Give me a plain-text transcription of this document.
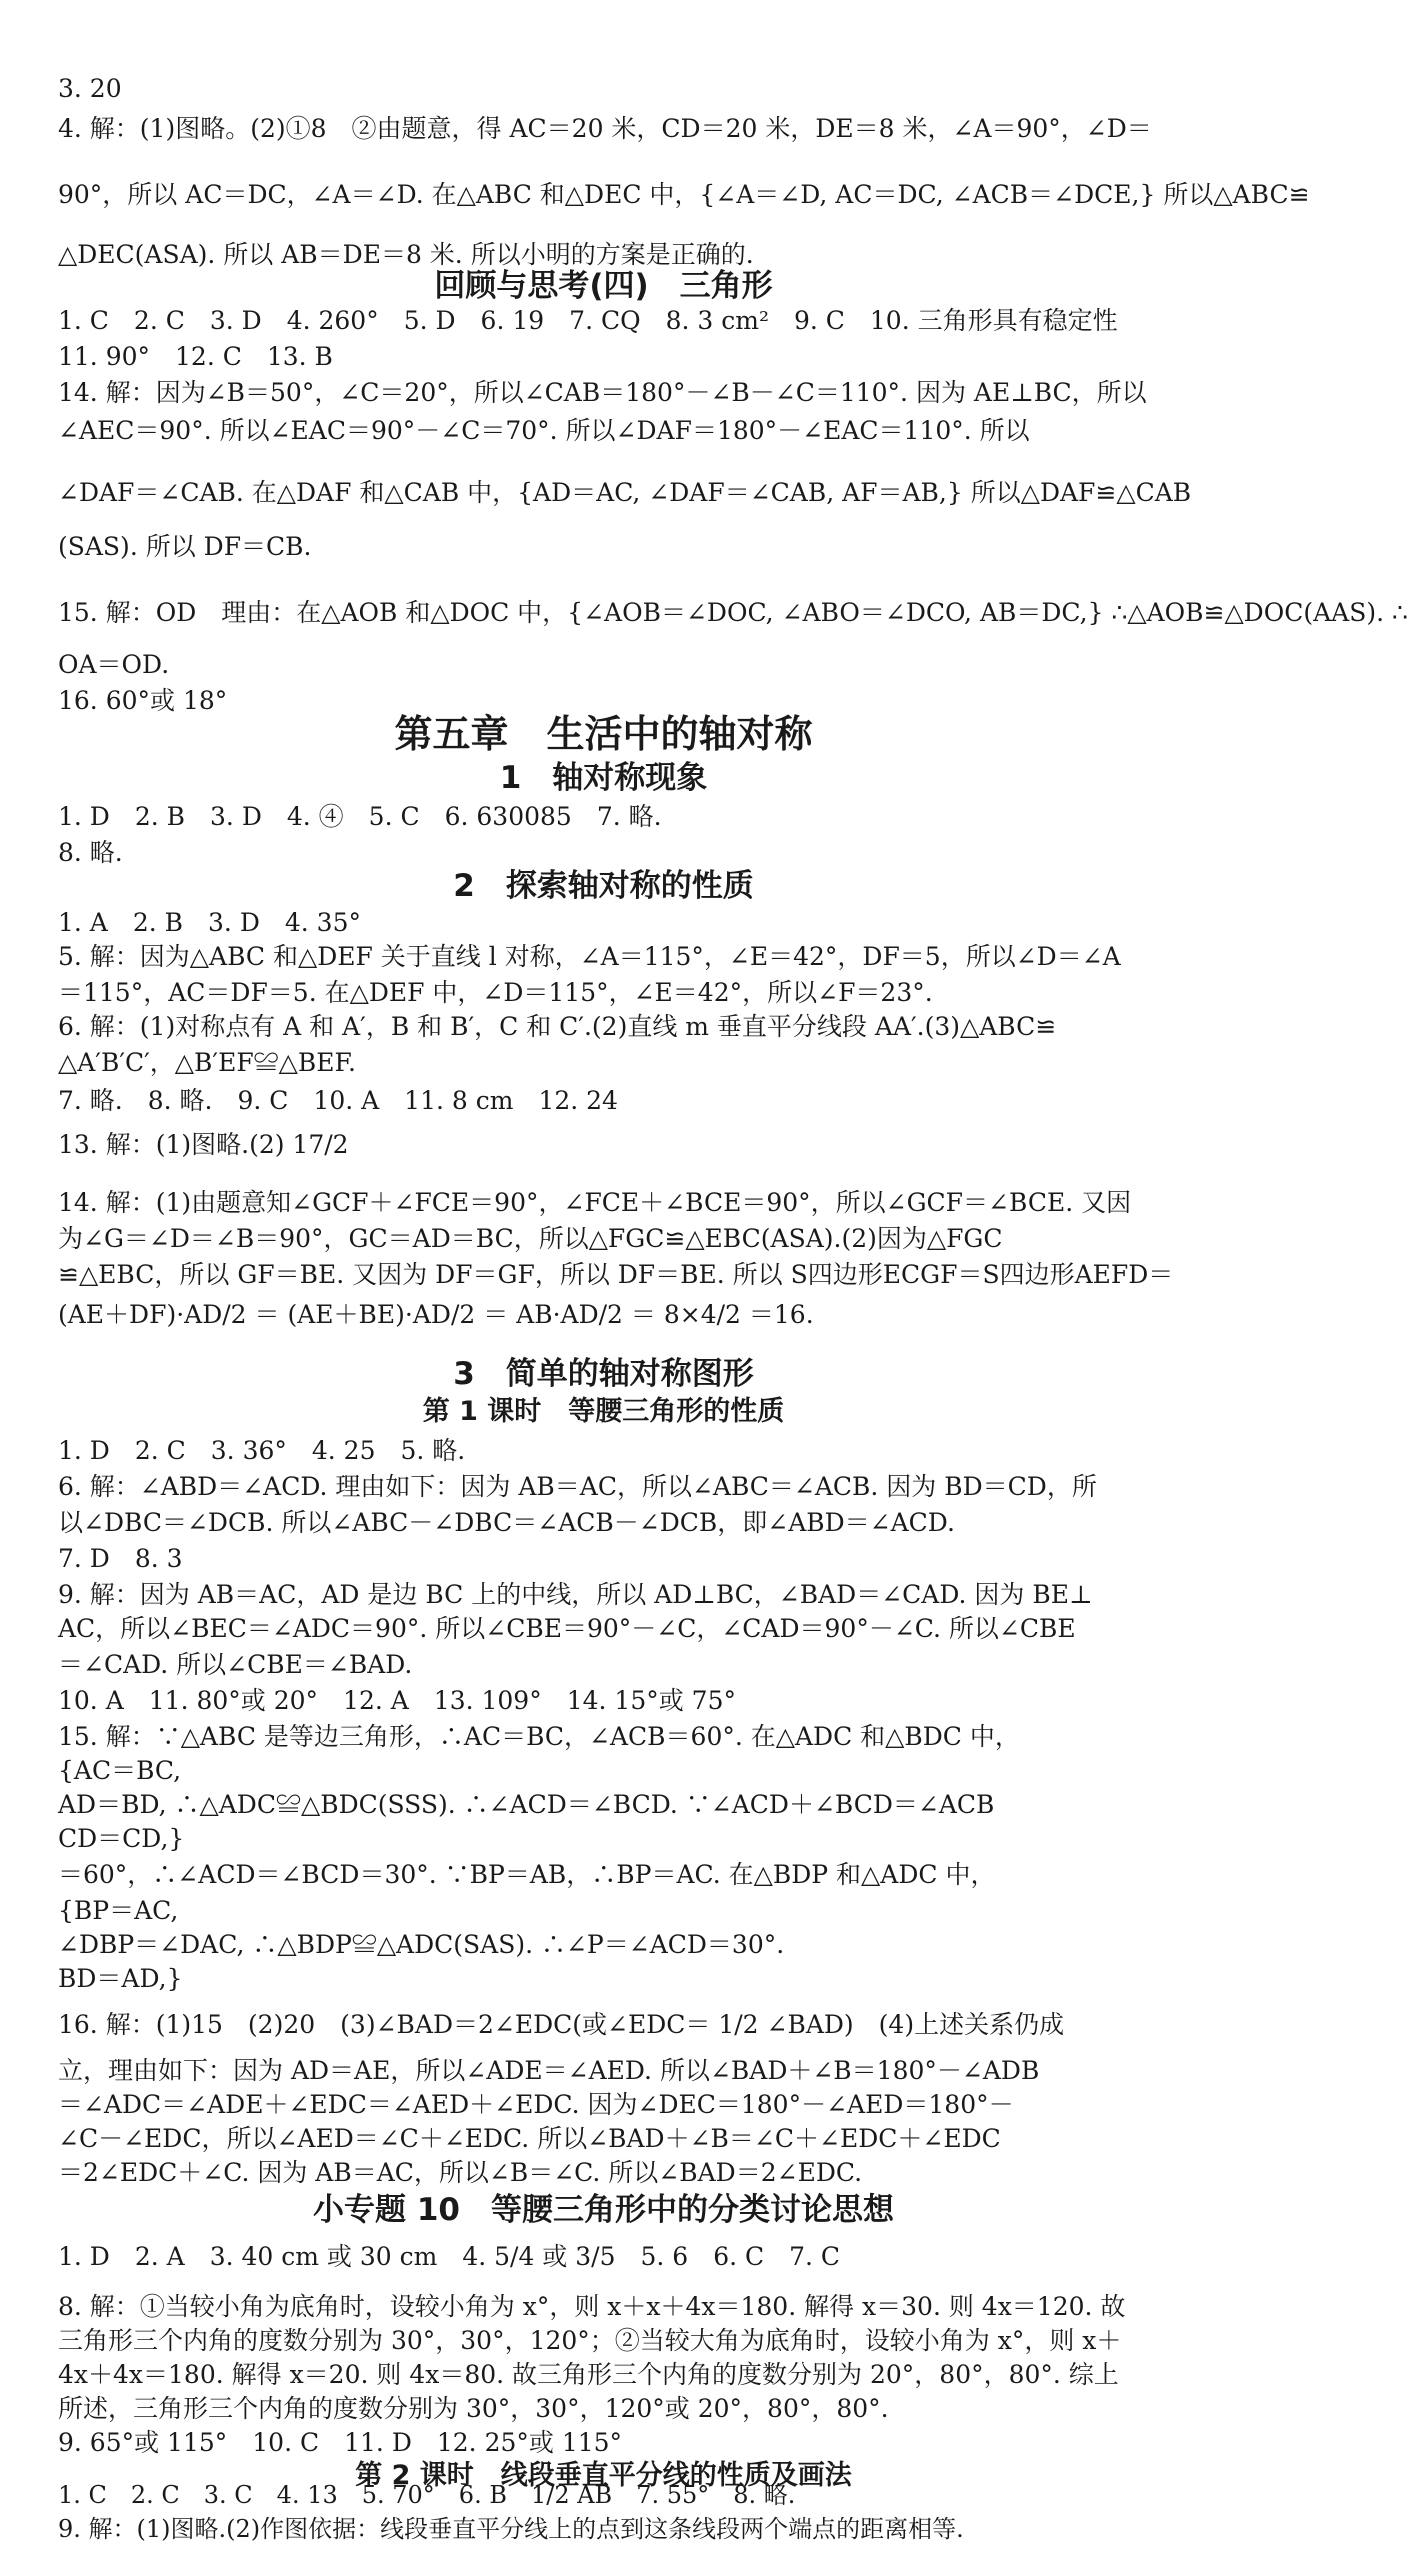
3. 20
4. 解：(1)图略。(2)①8　②由题意，得 AC＝20 米，CD＝20 米，DE＝8 米，∠A＝90°，∠D＝
90°，所以 AC＝DC，∠A＝∠D. 在△ABC 和△DEC 中，{∠A＝∠D, AC＝DC, ∠ACB＝∠DCE,} 所以△ABC≌
△DEC(ASA). 所以 AB＝DE＝8 米. 所以小明的方案是正确的.
回顾与思考(四)　三角形
1. C　2. C　3. D　4. 260°　5. D　6. 19　7. CQ　8. 3 cm²　9. C　10. 三角形具有稳定性
11. 90°　12. C　13. B
14. 解：因为∠B＝50°，∠C＝20°，所以∠CAB＝180°－∠B－∠C＝110°. 因为 AE⊥BC，所以
∠AEC＝90°. 所以∠EAC＝90°－∠C＝70°. 所以∠DAF＝180°－∠EAC＝110°. 所以
∠DAF＝∠CAB. 在△DAF 和△CAB 中，{AD＝AC, ∠DAF＝∠CAB, AF＝AB,} 所以△DAF≌△CAB
(SAS). 所以 DF＝CB.
15. 解：OD　理由：在△AOB 和△DOC 中，{∠AOB＝∠DOC, ∠ABO＝∠DCO, AB＝DC,} ∴△AOB≌△DOC(AAS). ∴
OA＝OD.
16. 60°或 18°
第五章　生活中的轴对称
1　轴对称现象
1. D　2. B　3. D　4. ④　5. C　6. 630085　7. 略.
8. 略.
2　探索轴对称的性质
1. A　2. B　3. D　4. 35°
5. 解：因为△ABC 和△DEF 关于直线 l 对称，∠A＝115°，∠E＝42°，DF＝5，所以∠D＝∠A
＝115°，AC＝DF＝5. 在△DEF 中，∠D＝115°，∠E＝42°，所以∠F＝23°.
6. 解：(1)对称点有 A 和 A′，B 和 B′，C 和 C′.(2)直线 m 垂直平分线段 AA′.(3)△ABC≌
△A′B′C′，△B′EF≌△BEF.
7. 略.　8. 略.　9. C　10. A　11. 8 cm　12. 24
13. 解：(1)图略.(2) 17/2
14. 解：(1)由题意知∠GCF＋∠FCE＝90°，∠FCE＋∠BCE＝90°，所以∠GCF＝∠BCE. 又因
为∠G＝∠D＝∠B＝90°，GC＝AD＝BC，所以△FGC≌△EBC(ASA).(2)因为△FGC
≌△EBC，所以 GF＝BE. 又因为 DF＝GF，所以 DF＝BE. 所以 S四边形ECGF＝S四边形AEFD＝
(AE＋DF)·AD/2 ＝ (AE＋BE)·AD/2 ＝ AB·AD/2 ＝ 8×4/2 ＝16.
3　简单的轴对称图形
第 1 课时　等腰三角形的性质
1. D　2. C　3. 36°　4. 25　5. 略.
6. 解：∠ABD＝∠ACD. 理由如下：因为 AB＝AC，所以∠ABC＝∠ACB. 因为 BD＝CD，所
以∠DBC＝∠DCB. 所以∠ABC－∠DBC＝∠ACB－∠DCB，即∠ABD＝∠ACD.
7. D　8. 3
9. 解：因为 AB＝AC，AD 是边 BC 上的中线，所以 AD⊥BC，∠BAD＝∠CAD. 因为 BE⊥
AC，所以∠BEC＝∠ADC＝90°. 所以∠CBE＝90°－∠C，∠CAD＝90°－∠C. 所以∠CBE
＝∠CAD. 所以∠CBE＝∠BAD.
10. A　11. 80°或 20°　12. A　13. 109°　14. 15°或 75°
15. 解：∵△ABC 是等边三角形，∴AC＝BC，∠ACB＝60°. 在△ADC 和△BDC 中，
{AC＝BC,
AD＝BD, ∴△ADC≌△BDC(SSS). ∴∠ACD＝∠BCD. ∵∠ACD＋∠BCD＝∠ACB
CD＝CD,}
＝60°，∴∠ACD＝∠BCD＝30°. ∵BP＝AB，∴BP＝AC. 在△BDP 和△ADC 中，
{BP＝AC,
∠DBP＝∠DAC, ∴△BDP≌△ADC(SAS). ∴∠P＝∠ACD＝30°.
BD＝AD,}
16. 解：(1)15　(2)20　(3)∠BAD＝2∠EDC(或∠EDC＝ 1/2 ∠BAD)　(4)上述关系仍成
立，理由如下：因为 AD＝AE，所以∠ADE＝∠AED. 所以∠BAD＋∠B＝180°－∠ADB
＝∠ADC＝∠ADE＋∠EDC＝∠AED＋∠EDC. 因为∠DEC＝180°－∠AED＝180°－
∠C－∠EDC，所以∠AED＝∠C＋∠EDC. 所以∠BAD＋∠B＝∠C＋∠EDC＋∠EDC
＝2∠EDC＋∠C. 因为 AB＝AC，所以∠B＝∠C. 所以∠BAD＝2∠EDC.
小专题 10　等腰三角形中的分类讨论思想
1. D　2. A　3. 40 cm 或 30 cm　4. 5/4 或 3/5　5. 6　6. C　7. C
8. 解：①当较小角为底角时，设较小角为 x°，则 x＋x＋4x＝180. 解得 x＝30. 则 4x＝120. 故
三角形三个内角的度数分别为 30°，30°，120°；②当较大角为底角时，设较小角为 x°，则 x＋
4x＋4x＝180. 解得 x＝20. 则 4x＝80. 故三角形三个内角的度数分别为 20°，80°，80°. 综上
所述，三角形三个内角的度数分别为 30°，30°，120°或 20°，80°，80°.
9. 65°或 115°　10. C　11. D　12. 25°或 115°
第 2 课时　线段垂直平分线的性质及画法
1. C　2. C　3. C　4. 13　5. 70°　6. B　1/2 AB　7. 55°　8. 略.
9. 解：(1)图略.(2)作图依据：线段垂直平分线上的点到这条线段两个端点的距离相等.
